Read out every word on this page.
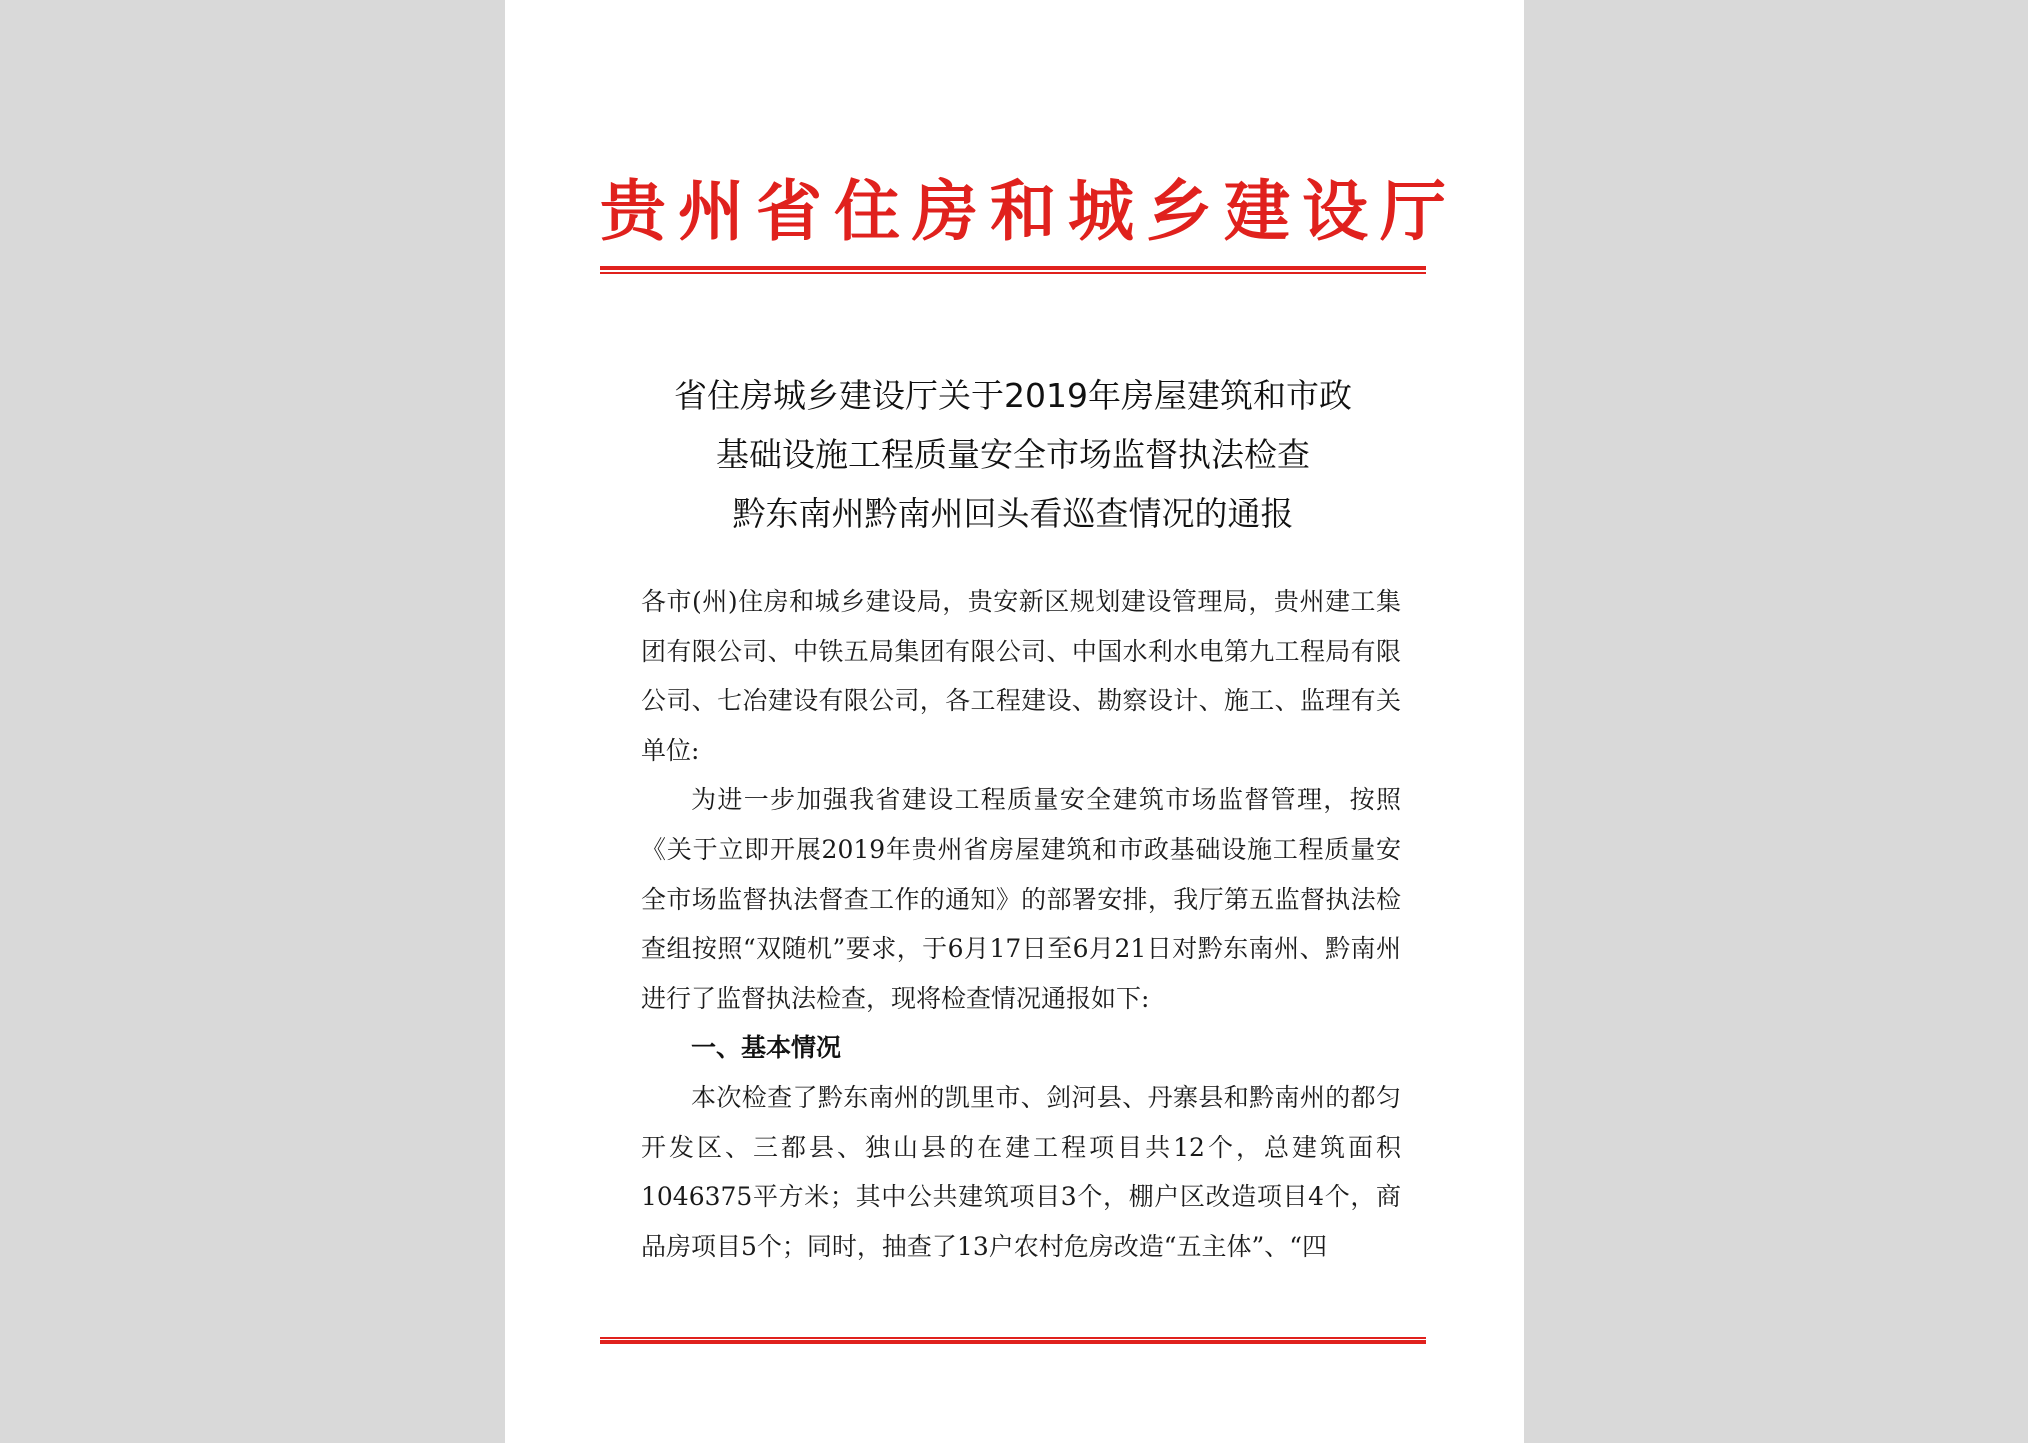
贵州省住房和城乡建设厅
省住房城乡建设厅关于2019年房屋建筑和市政
基础设施工程质量安全市场监督执法检查
黔东南州黔南州回头看巡查情况的通报

各市(州)住房和城乡建设局，贵安新区规划建设管理局，贵州建工集团有限公司、中铁五局集团有限公司、中国水利水电第九工程局有限公司、七冶建设有限公司，各工程建设、勘察设计、施工、监理有关单位:

为进一步加强我省建设工程质量安全建筑市场监督管理，按照《关于立即开展2019年贵州省房屋建筑和市政基础设施工程质量安全市场监督执法督查工作的通知》的部署安排，我厅第五监督执法检查组按照“双随机”要求，于6月17日至6月21日对黔东南州、黔南州进行了监督执法检查，现将检查情况通报如下:

一、基本情况

本次检查了黔东南州的凯里市、剑河县、丹寨县和黔南州的都匀开发区、三都县、独山县的在建工程项目共12个，总建筑面积1046375平方米；其中公共建筑项目3个，棚户区改造项目4个，商品房项目5个；同时，抽查了13户农村危房改造“五主体”、“四
